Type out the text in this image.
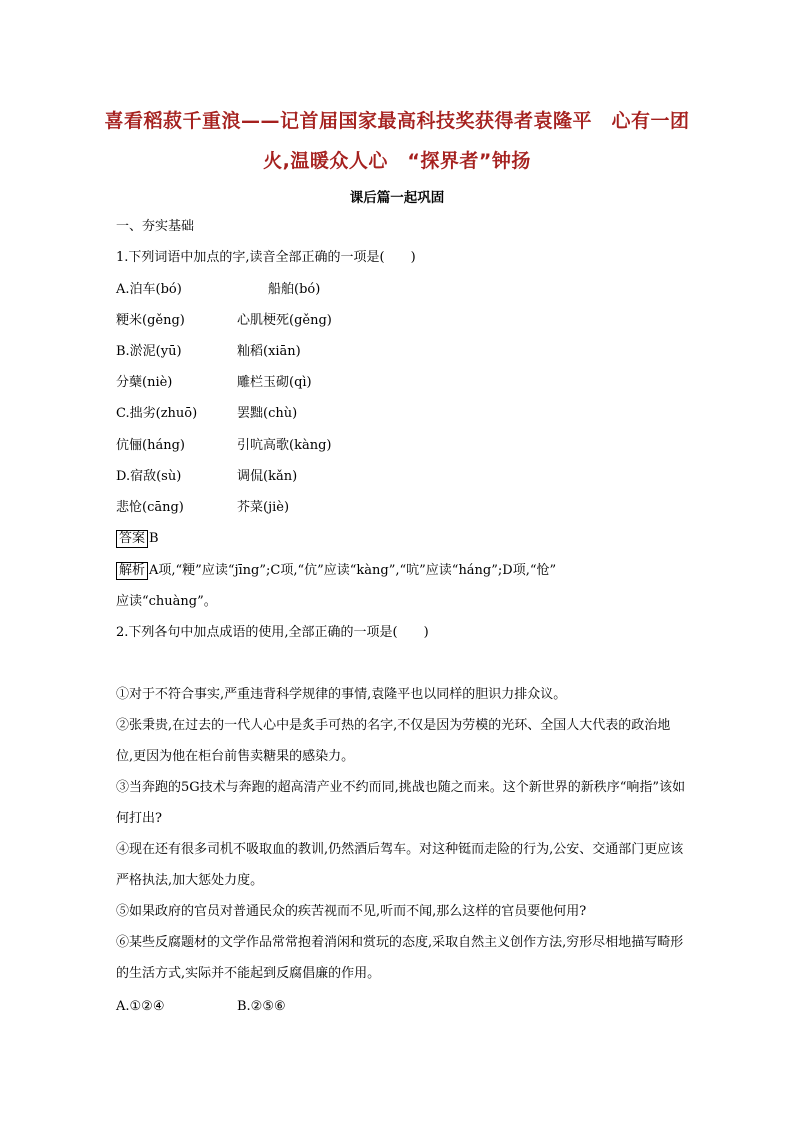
喜看稻菽千重浪——记首届国家最高科技奖获得者袁隆平　心有一团
火,温暖众人心　“探界者”钟扬
课后篇一起巩固
一、夯实基础
1.下列词语中加点的字,读音全部正确的一项是(　　)
A.泊车(bó)	船舶(bó)
粳米(gěng)	心肌梗死(gěng)
B.淤泥(yū)	籼稻(xiān)
分蘖(niè)	雕栏玉砌(qì)
C.拙劣(zhuō)	罢黜(chù)
伉俪(háng)	引吭高歌(kàng)
D.宿敌(sù)	调侃(kǎn)
悲怆(cāng)	芥菜(jiè)
答案 B
解析 A项,“粳”应读“jīng”;C项,“伉”应读“kàng”,“吭”应读“háng”;D项,“怆”
应读“chuàng”。
2.下列各句中加点成语的使用,全部正确的一项是(　　)
①对于不符合事实,严重违背科学规律的事情,袁隆平也以同样的胆识力排众议。
②张秉贵,在过去的一代人心中是炙手可热的名字,不仅是因为劳模的光环、全国人大代表的政治地位,更因为他在柜台前售卖糖果的感染力。
③当奔跑的5G技术与奔跑的超高清产业不约而同,挑战也随之而来。这个新世界的新秩序“响指”该如何打出?
④现在还有很多司机不吸取血的教训,仍然酒后驾车。对这种铤而走险的行为,公安、交通部门更应该严格执法,加大惩处力度。
⑤如果政府的官员对普通民众的疾苦视而不见,听而不闻,那么这样的官员要他何用?
⑥某些反腐题材的文学作品常常抱着消闲和赏玩的态度,采取自然主义创作方法,穷形尽相地描写畸形的生活方式,实际并不能起到反腐倡廉的作用。
A.①②④	B.②⑤⑥
